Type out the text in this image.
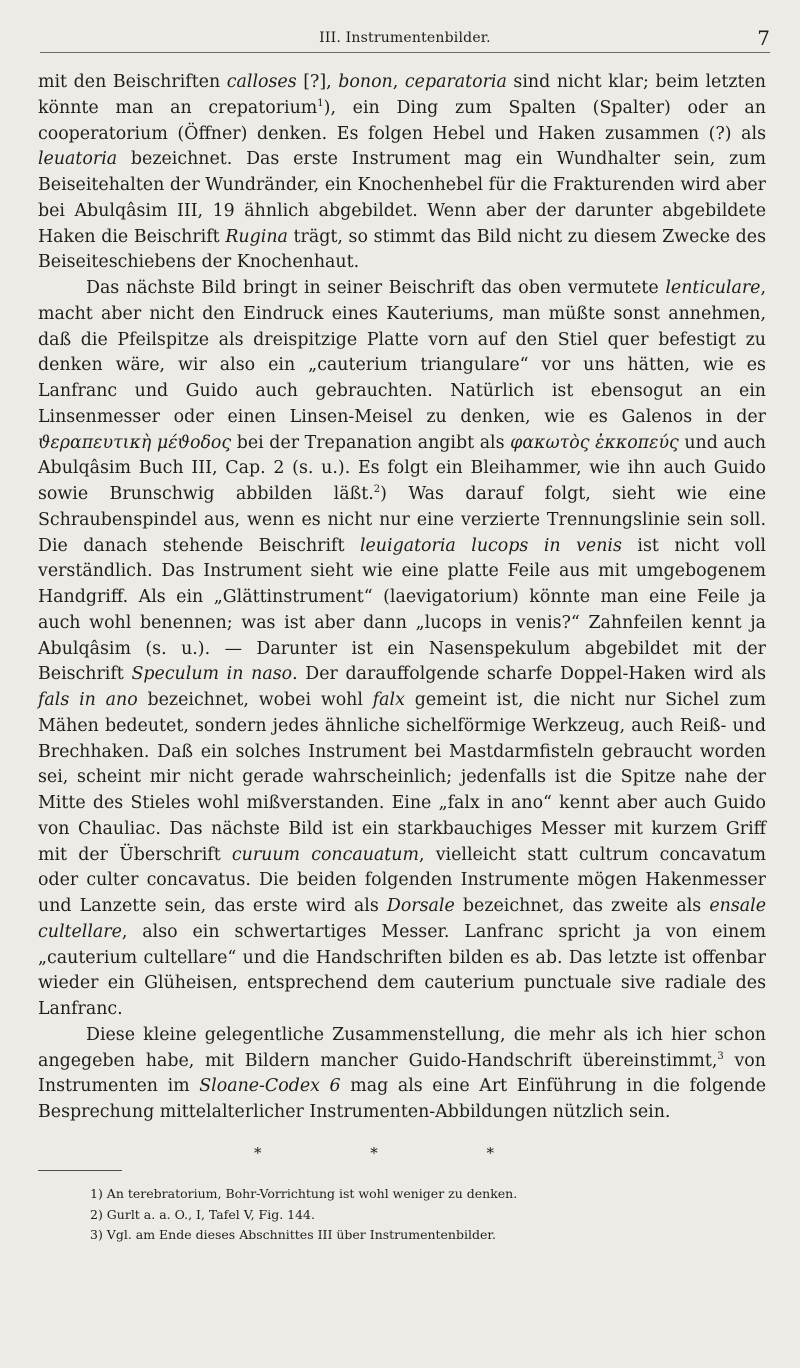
III. Instrumentenbilder.	7

mit den Beischriften calloses [?], bonon, ceparatoria sind nicht klar; beim letzten könnte man an crepatorium$^1$), ein Ding zum Spalten (Spalter) oder an cooperatorium (Öffner) denken. Es folgen Hebel und Haken zusammen (?) als leuatoria bezeichnet. Das erste Instrument mag ein Wundhalter sein, zum Beiseitehalten der Wundränder, ein Knochenhebel für die Frakturenden wird aber bei Abulqâsim III, 19 ähnlich abgebildet. Wenn aber der darunter abgebildete Haken die Beischrift Rugina trägt, so stimmt das Bild nicht zu diesem Zwecke des Beiseiteschiebens der Knochenhaut.

Das nächste Bild bringt in seiner Beischrift das oben vermutete lenticulare, macht aber nicht den Eindruck eines Kauteriums, man müßte sonst annehmen, daß die Pfeilspitze als dreispitzige Platte vorn auf den Stiel quer befestigt zu denken wäre, wir also ein „cauterium triangulare“ vor uns hätten, wie es Lanfranc und Guido auch gebrauchten. Natürlich ist ebensogut an ein Linsenmesser oder einen Linsen-Meisel zu denken, wie es Galenos in der ϑεραπευτικὴ μέϑοδος bei der Trepanation angibt als φακωτὸς ἐκκοπεύς und auch Abulqâsim Buch III, Cap. 2 (s. u.). Es folgt ein Bleihammer, wie ihn auch Guido sowie Brunschwig abbilden läßt.$^2$) Was darauf folgt, sieht wie eine Schraubenspindel aus, wenn es nicht nur eine verzierte Trennungslinie sein soll. Die danach stehende Beischrift leuigatoria lucops in venis ist nicht voll verständlich. Das Instrument sieht wie eine platte Feile aus mit umgebogenem Handgriff. Als ein „Glättinstrument“ (laevigatorium) könnte man eine Feile ja auch wohl benennen; was ist aber dann „lucops in venis?“ Zahnfeilen kennt ja Abulqâsim (s. u.). — Darunter ist ein Nasenspekulum abgebildet mit der Beischrift Speculum in naso. Der darauffolgende scharfe Doppel-Haken wird als fals in ano bezeichnet, wobei wohl falx gemeint ist, die nicht nur Sichel zum Mähen bedeutet, sondern jedes ähnliche sichelförmige Werkzeug, auch Reiß- und Brechhaken. Daß ein solches Instrument bei Mastdarmfisteln gebraucht worden sei, scheint mir nicht gerade wahrscheinlich; jedenfalls ist die Spitze nahe der Mitte des Stieles wohl mißverstanden. Eine „falx in ano“ kennt aber auch Guido von Chauliac. Das nächste Bild ist ein starkbauchiges Messer mit kurzem Griff mit der Überschrift curuum concauatum, vielleicht statt cultrum concavatum oder culter concavatus. Die beiden folgenden Instrumente mögen Hakenmesser und Lanzette sein, das erste wird als Dorsale bezeichnet, das zweite als ensale cultellare, also ein schwertartiges Messer. Lanfranc spricht ja von einem „cauterium cultellare“ und die Handschriften bilden es ab. Das letzte ist offenbar wieder ein Glüheisen, entsprechend dem cauterium punctuale sive radiale des Lanfranc.

Diese kleine gelegentliche Zusammenstellung, die mehr als ich hier schon angegeben habe, mit Bildern mancher Guido-Handschrift übereinstimmt,$^3$ von Instrumenten im Sloane-Codex 6 mag als eine Art Einführung in die folgende Besprechung mittelalterlicher Instrumenten-Abbildungen nützlich sein.

* * *
1) An terebratorium, Bohr-Vorrichtung ist wohl weniger zu denken.
2) Gurlt a. a. O., I, Tafel V, Fig. 144.
3) Vgl. am Ende dieses Abschnittes III über Instrumentenbilder.
